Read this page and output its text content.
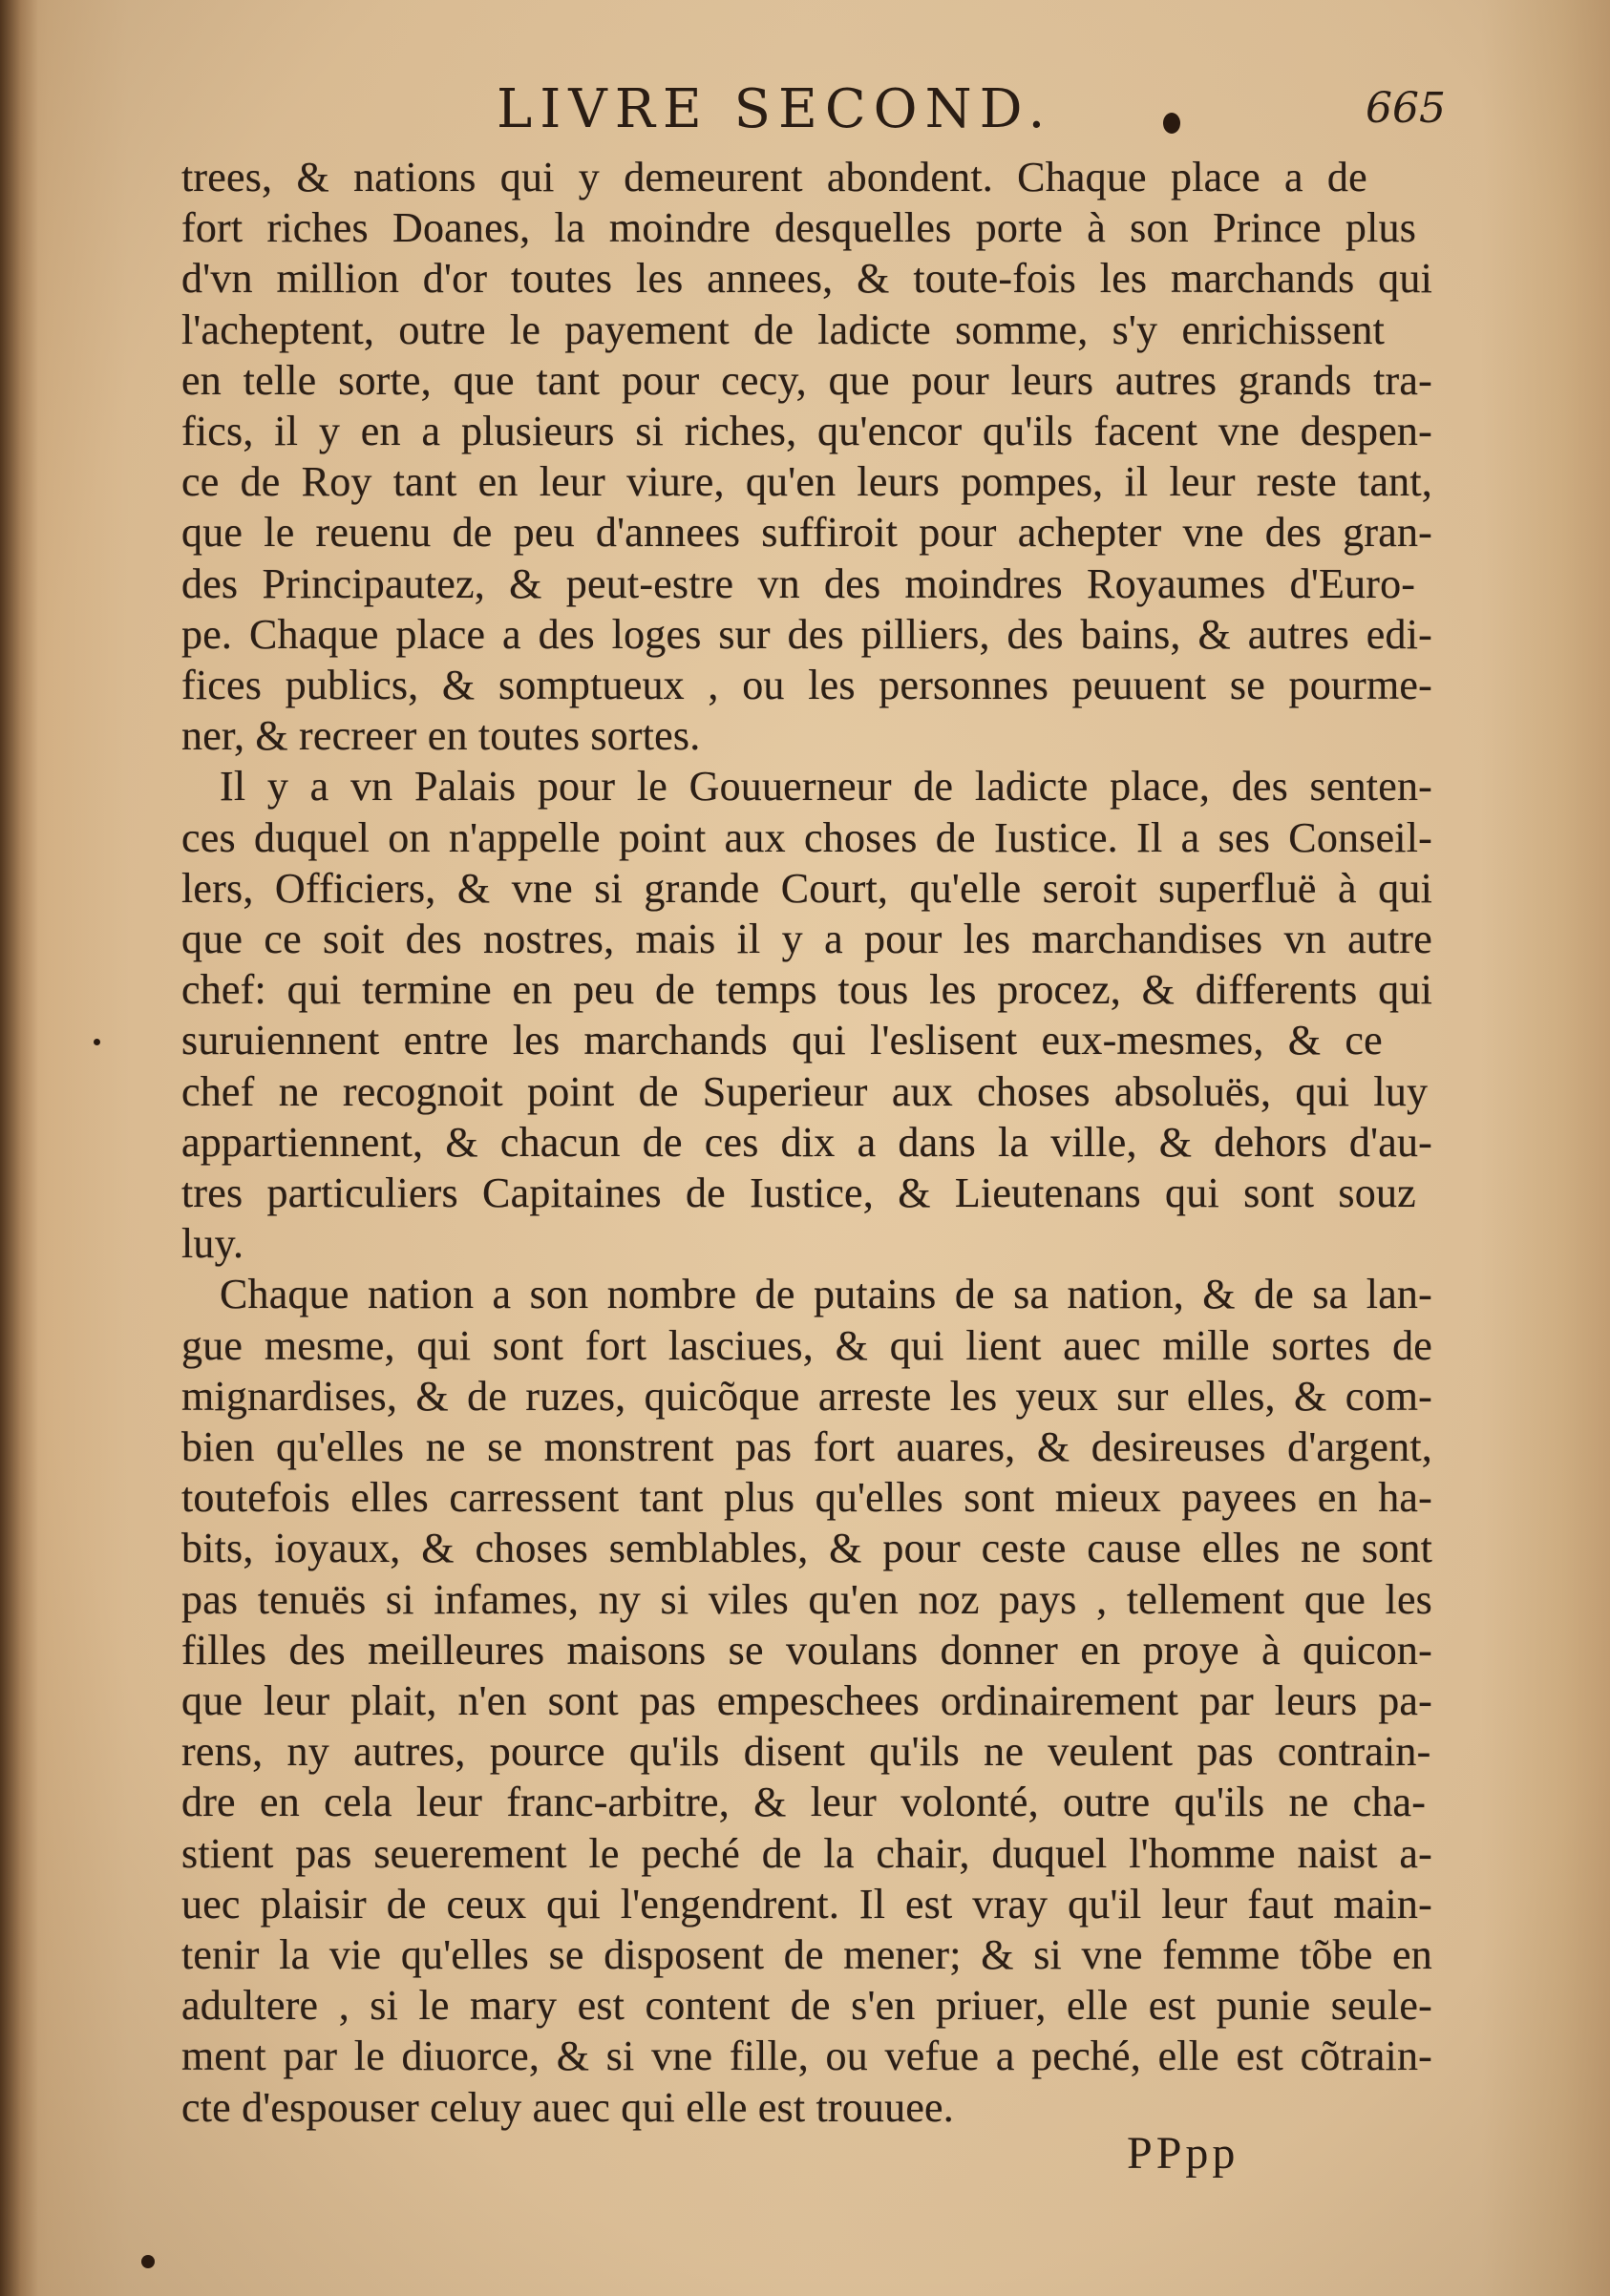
LIVRE SECOND.	665
trees, & nations qui y demeurent abondent. Chaque place a de
fort riches Doanes, la moindre desquelles porte à son Prince plus
d'vn million d'or toutes les annees, & toute-fois les marchands qui
l'acheptent, outre le payement de ladicte somme, s'y enrichissent
en telle sorte, que tant pour cecy, que pour leurs autres grands tra-
fics, il y en a plusieurs si riches, qu'encor qu'ils facent vne despen-
ce de Roy tant en leur viure, qu'en leurs pompes, il leur reste tant,
que le reuenu de peu d'annees suffiroit pour achepter vne des gran-
des Principautez, & peut-estre vn des moindres Royaumes d'Euro-
pe. Chaque place a des loges sur des pilliers, des bains, & autres edi-
fices publics, & somptueux , ou les personnes peuuent se pourme-
ner, & recreer en toutes sortes.
Il y a vn Palais pour le Gouuerneur de ladicte place, des senten-
ces duquel on n'appelle point aux choses de Iustice. Il a ses Conseil-
lers, Officiers, & vne si grande Court, qu'elle seroit superfluë à qui
que ce soit des nostres, mais il y a pour les marchandises vn autre
chef: qui termine en peu de temps tous les procez, & differents qui
suruiennent entre les marchands qui l'eslisent eux-mesmes, & ce
chef ne recognoit point de Superieur aux choses absoluës, qui luy
appartiennent, & chacun de ces dix a dans la ville, & dehors d'au-
tres particuliers Capitaines de Iustice, & Lieutenans qui sont souz
luy.
Chaque nation a son nombre de putains de sa nation, & de sa lan-
gue mesme, qui sont fort lasciues, & qui lient auec mille sortes de
mignardises, & de ruzes, quicõque arreste les yeux sur elles, & com-
bien qu'elles ne se monstrent pas fort auares, & desireuses d'argent,
toutefois elles carressent tant plus qu'elles sont mieux payees en ha-
bits, ioyaux, & choses semblables, & pour ceste cause elles ne sont
pas tenuës si infames, ny si viles qu'en noz pays , tellement que les
filles des meilleures maisons se voulans donner en proye à quicon-
que leur plait, n'en sont pas empeschees ordinairement par leurs pa-
rens, ny autres, pource qu'ils disent qu'ils ne veulent pas contrain-
dre en cela leur franc-arbitre, & leur volonté, outre qu'ils ne cha-
stient pas seuerement le peché de la chair, duquel l'homme naist a-
uec plaisir de ceux qui l'engendrent. Il est vray qu'il leur faut main-
tenir la vie qu'elles se disposent de mener; & si vne femme tõbe en
adultere , si le mary est content de s'en priuer, elle est punie seule-
ment par le diuorce, & si vne fille, ou vefue a peché, elle est cõtrain-
cte d'espouser celuy auec qui elle est trouuee.
PPpp
